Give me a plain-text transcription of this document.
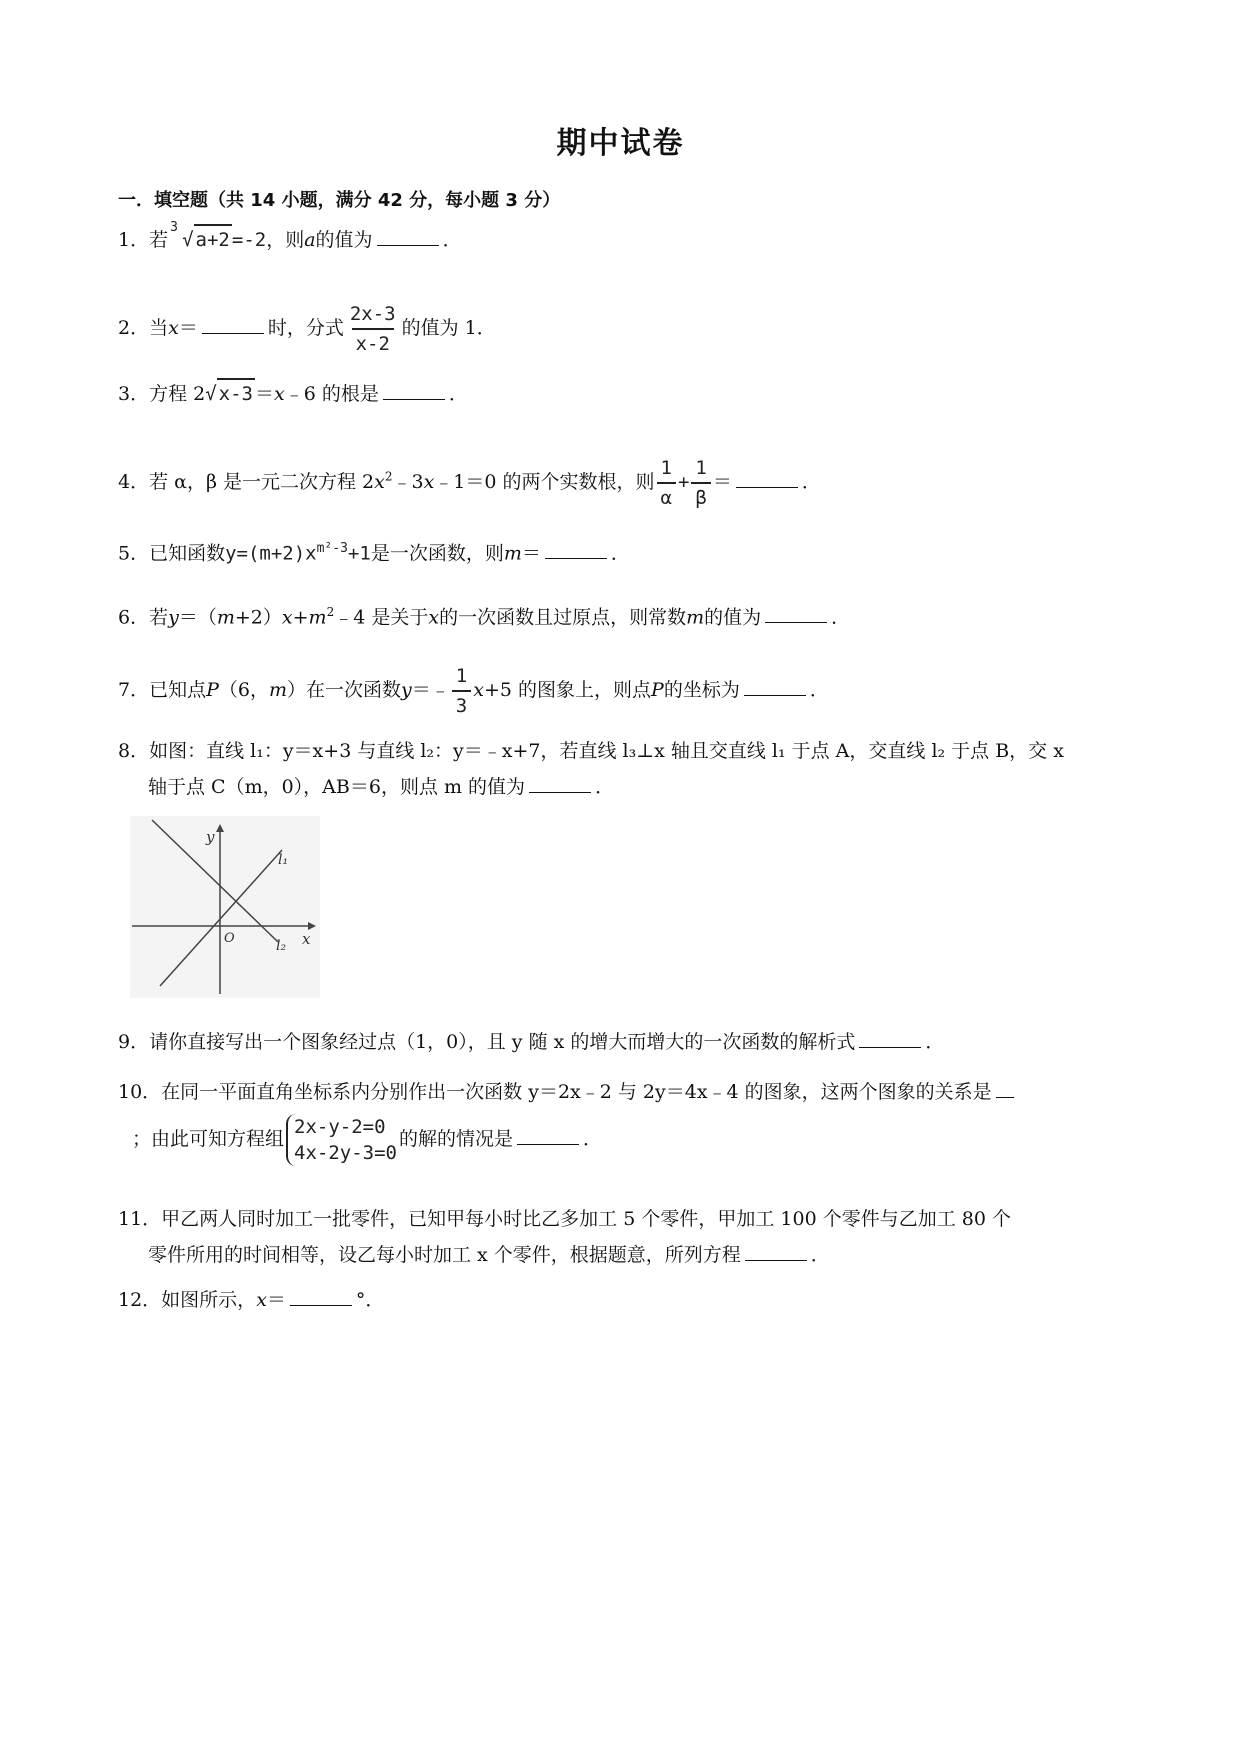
期中试卷
一．填空题（共 14 小题，满分 42 分，每小题 3 分）
1．若
3
√ a+2 =-2，则a的值为	．
2．当x＝	时，分式 $\frac{2x-3}{x-2}$ 的值为 1．
3．方程 2√ x-3 ＝x﹣6 的根是	．
4．若 α，β 是一元二次方程 $2x^2﹣3x﹣1=0$ 的两个实数根，则 $\frac{1}{\alpha} + \frac{1}{\beta}$ ＝	．
5．已知函数$y=(m+2)x^{m^2-3}+1$是一次函数，则m＝	．
6．若$y=(m+2)x+m^2﹣4$ 是关于x的一次函数且过原点，则常数m的值为	．
7．已知点P（6，m）在一次函数y＝﹣ $\frac{1}{3} x+5$ 的图象上，则点P的坐标为	．
8．如图：直线 l₁：y＝x+3 与直线 l₂：y＝﹣x+7，若直线 l₃⊥x 轴且交直线 l₁ 于点 A，交直线 l₂ 于点 B，交 x
轴于点 C（m，0），AB＝6，则点 m 的值为	．
y
x
O
l₁
l₂
9．请你直接写出一个图象经过点（1，0），且 y 随 x 的增大而增大的一次函数的解析式	．
10．在同一平面直角坐标系内分别作出一次函数 y＝2x﹣2 与 2y＝4x﹣4 的图象，这两个图象的关系是
；由此可知方程组
2x-y-2=0
4x-2y-3=0
的解的情况是	．
11．甲乙两人同时加工一批零件，已知甲每小时比乙多加工 5 个零件，甲加工 100 个零件与乙加工 80 个
零件所用的时间相等，设乙每小时加工 x 个零件，根据题意，所列方程	．
12．如图所示，x＝	°．
